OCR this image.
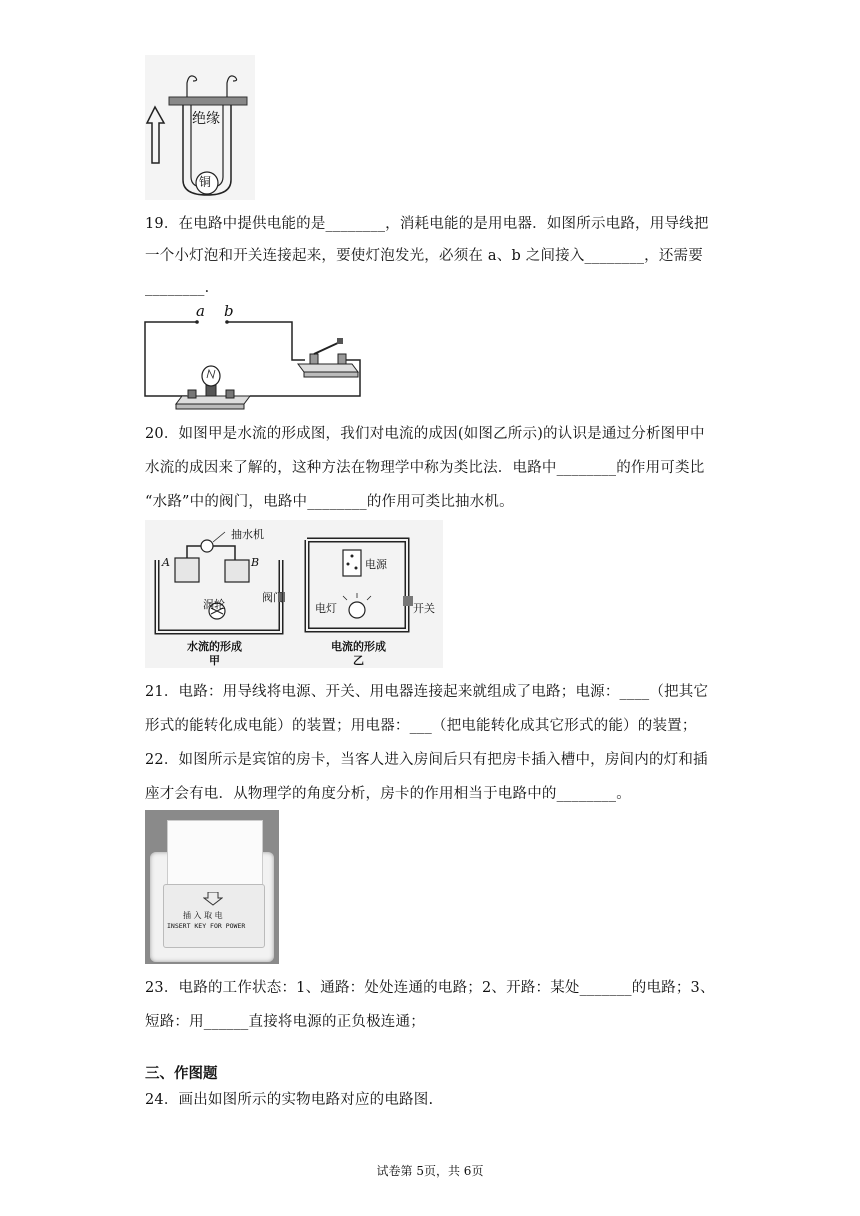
绝缘
铜
19．在电路中提供电能的是________，消耗电能的是用电器．如图所示电路，用导线把
一个小灯泡和开关连接起来，要使灯泡发光，必须在 a、b 之间接入________，还需要
________．
a b
20．如图甲是水流的形成图，我们对电流的成因(如图乙所示)的认识是通过分析图甲中
水流的成因来了解的，这种方法在物理学中称为类比法．电路中________的作用可类比
“水路”中的阀门，电路中________的作用可类比抽水机。
抽水机
A	B
阀门
涡轮
水流的形成
甲
电源
电灯	开关
电流的形成
乙
21．电路：用导线将电源、开关、用电器连接起来就组成了电路；电源：____（把其它
形式的能转化成电能）的装置；用电器：___（把电能转化成其它形式的能）的装置；
22．如图所示是宾馆的房卡，当客人进入房间后只有把房卡插入槽中，房间内的灯和插
座才会有电．从物理学的角度分析，房卡的作用相当于电路中的________。
插 入 取 电
INSERT KEY FOR POWER
23．电路的工作状态：1、通路：处处连通的电路；2、开路：某处_______的电路；3、
短路：用______直接将电源的正负极连通；
三、作图题
24．画出如图所示的实物电路对应的电路图.
试卷第 5页，共 6页
